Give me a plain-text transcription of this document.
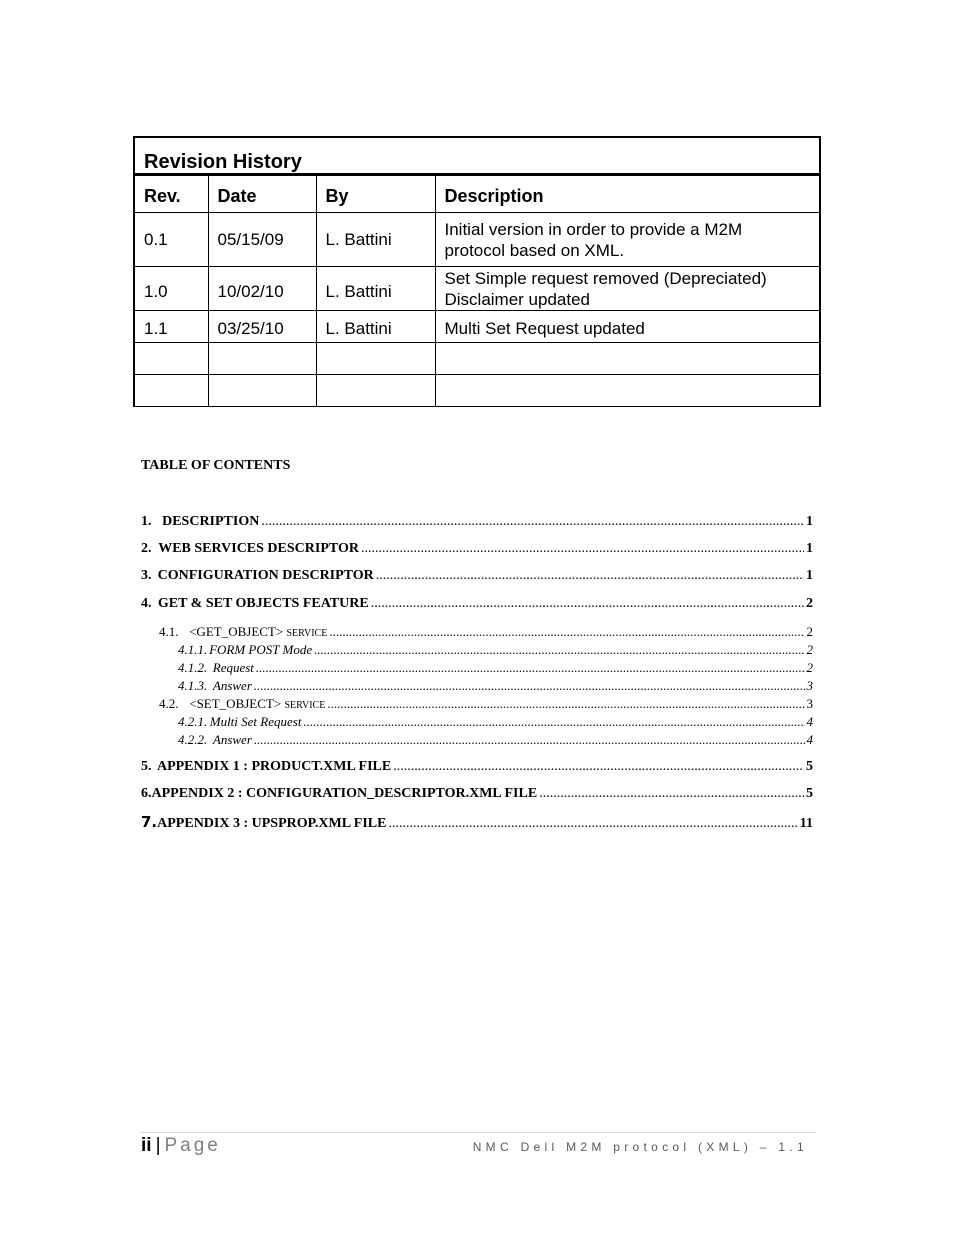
Revision History			
Rev.	Date	By	Description
0.1	05/15/09	L. Battini	Initial version in order to provide a M2M
protocol based on XML.
1.0	10/02/10	L. Battini	Set Simple request removed (Depreciated)
Disclaimer updated
1.1	03/25/10	L. Battini	Multi Set Request updated

TABLE OF CONTENTS
1. DESCRIPTION .....	1
2. WEB SERVICES DESCRIPTOR .....	1
3. CONFIGURATION DESCRIPTOR .....	1
4. GET & SET OBJECTS FEATURE .....	2
4.1. <GET_OBJECT> SERVICE .....	2
4.1.1. FORM POST Mode .....	2
4.1.2. Request .....	2
4.1.3. Answer .....	3
4.2. <SET_OBJECT> SERVICE .....	3
4.2.1. Multi Set Request .....	4
4.2.2. Answer .....	4
5. APPENDIX 1 : PRODUCT.XML FILE .....	5
6. APPENDIX 2 : CONFIGURATION_DESCRIPTOR.XML FILE .....	5
7. APPENDIX 3 : UPSPROP.XML FILE .....	11
ii | Page	NMC Dell M2M protocol (XML) – 1.1
